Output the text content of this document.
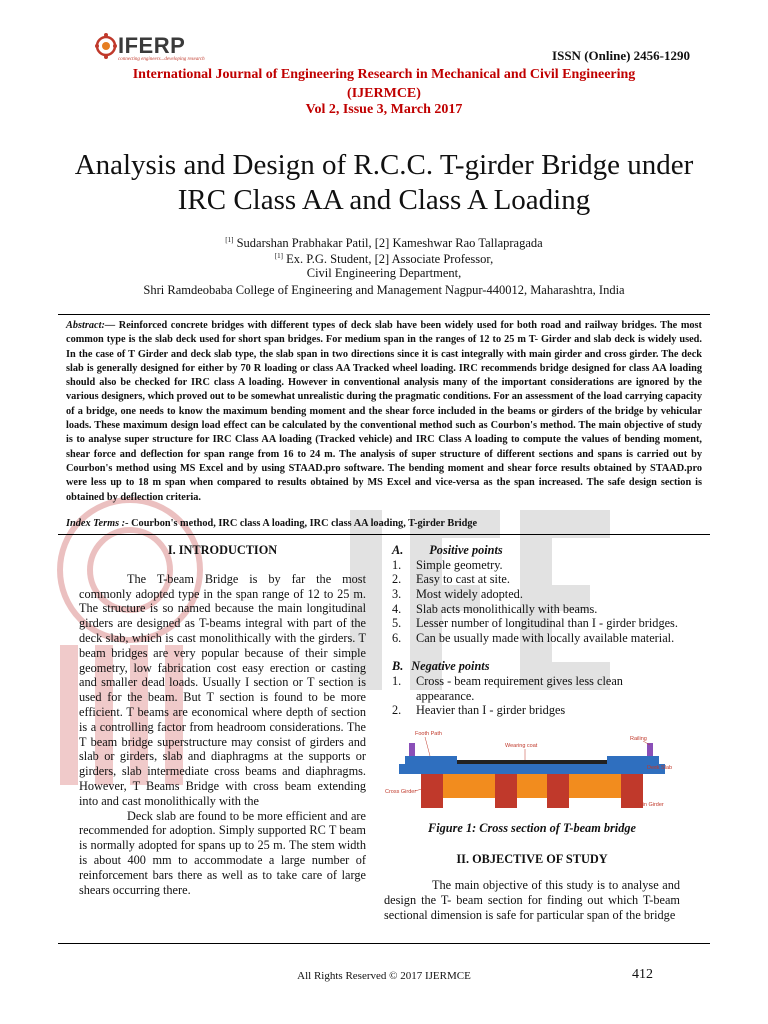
IFERP
connecting engineers...developing research	ISSN (Online) 2456-1290
International Journal of Engineering Research in Mechanical and Civil Engineering
(IJERMCE)
Vol 2, Issue 3, March 2017
Analysis and Design of R.C.C. T-girder Bridge under IRC Class AA and Class A Loading
[1] Sudarshan Prabhakar Patil, [2] Kameshwar Rao Tallapragada
[1] Ex. P.G. Student, [2] Associate Professor,
Civil Engineering Department,
Shri Ramdeobaba College of Engineering and Management Nagpur-440012, Maharashtra, India
Abstract:— Reinforced concrete bridges with different types of deck slab have been widely used for both road and railway bridges. The most common type is the slab deck used for short span bridges. For medium span in the ranges of 12 to 25 m T- Girder and slab deck is widely used. In the case of T Girder and deck slab type, the slab span in two directions since it is cast integrally with main girder and cross girder. The deck slab is generally designed for either by 70 R loading or class AA Tracked wheel loading. IRC recommends bridge designed for class AA loading should also be checked for IRC class A loading. However in conventional analysis many of the important considerations are ignored by the various designers, which proved out to be somewhat unrealistic during the pragmatic conditions. For an assessment of the load carrying capacity of a bridge, one needs to know the maximum bending moment and the shear force included in the beams or girders of the bridge by vehicular loads. These maximum design load effect can be calculated by the conventional method such as Courbon's method. The main objective of study is to analyse super structure for IRC Class AA loading (Tracked vehicle) and IRC Class A loading to compute the values of bending moment, shear force and deflection for span range from 16 to 24 m. The analysis of super structure of different sections and spans is carried out by Courbon's method using MS Excel and by using STAAD.pro software. The bending moment and shear force results obtained by STAAD.pro were less up to 18 m span when compared to results obtained by MS Excel and vice-versa as the span increased. The safe design section is obtained by deflection criteria.
Index Terms :- Courbon's method, IRC class A loading, IRC class AA loading, T-girder Bridge
I. INTRODUCTION
The T-beam Bridge is by far the most commonly adopted type in the span range of 12 to 25 m. The structure is so named because the main longitudinal girders are designed as T-beams integral with part of the deck slab, which is cast monolithically with the girders. T beam bridges are very popular because of their simple geometry, low fabrication cost easy erection or casting and smaller dead loads. Usually I section or T section is used for the beam. But T section is found to be more efficient. T beams are economical where depth of section is a controlling factor from headroom considerations. The T beam bridge superstructure may consist of girders and slab or girders, slab and diaphragms at the supports or girders, slab intermediate cross beams and diaphragms. However, T Beams Bridge with cross beam extending into and cast monolithically with the
Deck slab are found to be more efficient and are recommended for adoption. Simply supported RC T beam is normally adopted for spans up to 25 m. The stem width is about 400 mm to accommodate a large number of reinforcement bars there as well as to take care of large shears occurring there.
A. Positive points
1.	Simple geometry.
2.	Easy to cast at site.
3.	Most widely adopted.
4.	Slab acts monolithically with beams.
5.	Lesser number of longitudinal than I - girder bridges.
6.	Can be usually made with locally available material.
B. Negative points
1.	Cross - beam requirement gives less clean appearance.
2.	Heavier than I - girder bridges
Footh Path
Wearing coat
Railing
Deck Slab
Cross Girder
Main Girder
Figure 1: Cross section of T-beam bridge
II. OBJECTIVE OF STUDY
The main objective of this study is to analyse and design the T- beam section for finding out which T-beam sectional dimension is safe for particular span of the bridge
All Rights Reserved © 2017 IJERMCE	412
